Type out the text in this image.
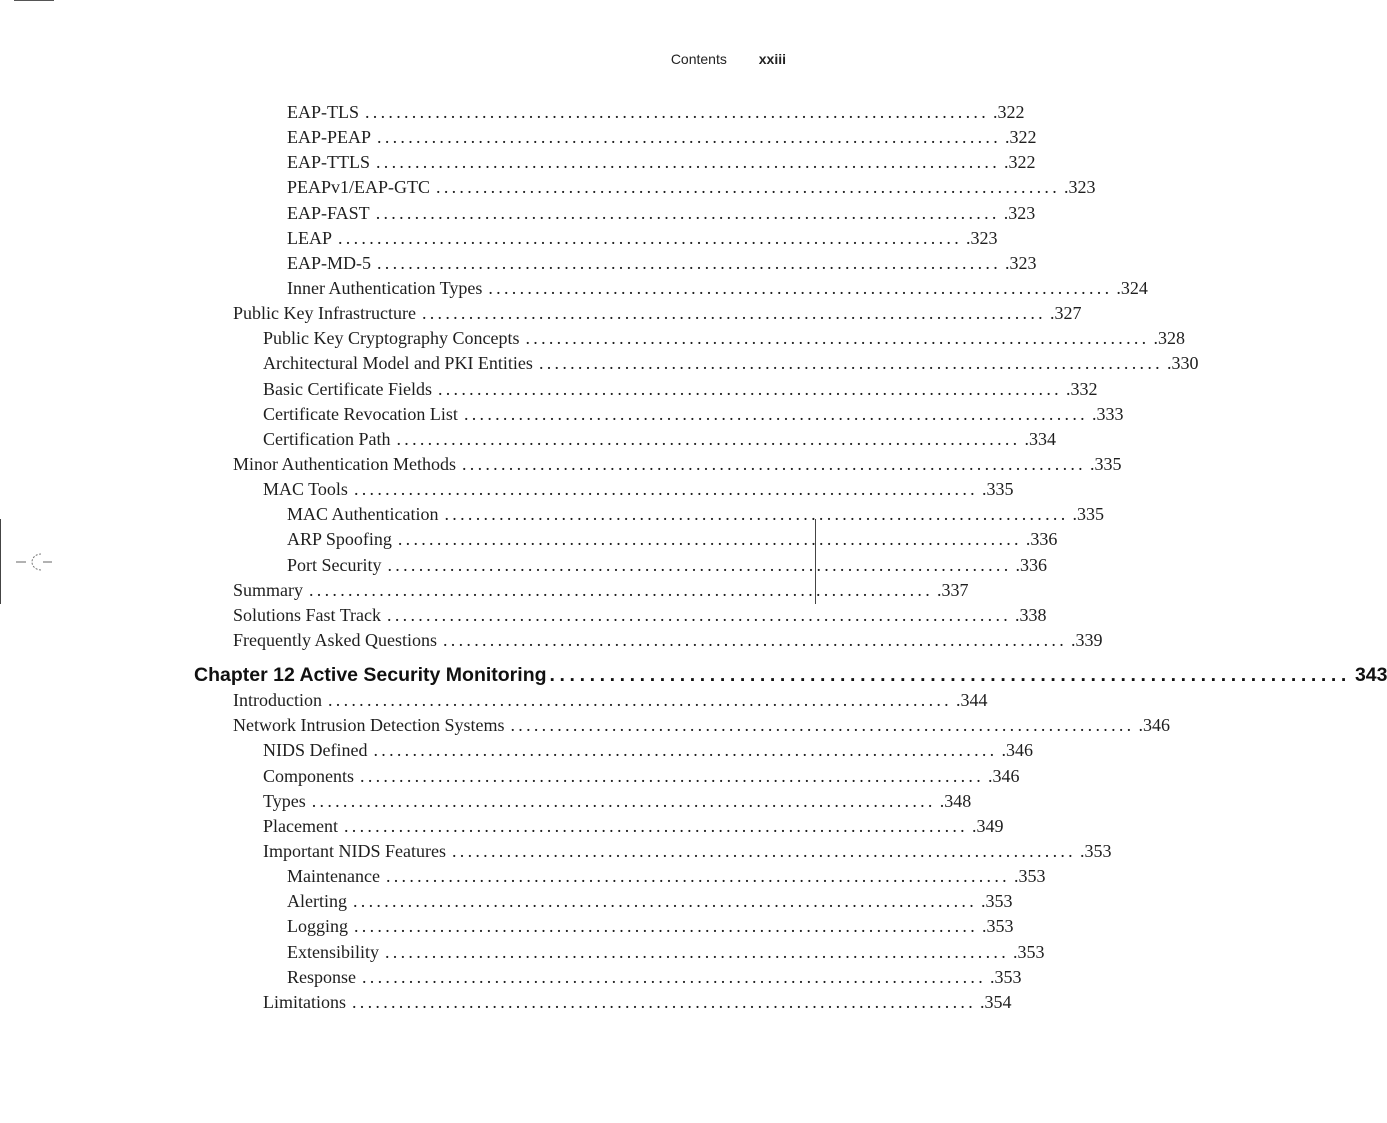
Contents xxiii
EAP-TLS ................................................................................ .322
EAP-PEAP ................................................................................ .322
EAP-TTLS ................................................................................ .322
PEAPv1/EAP-GTC ................................................................................ .323
EAP-FAST ................................................................................ .323
LEAP ................................................................................ .323
EAP-MD-5 ................................................................................ .323
Inner Authentication Types ................................................................................ .324
Public Key Infrastructure ................................................................................ .327
Public Key Cryptography Concepts ................................................................................ .328
Architectural Model and PKI Entities ................................................................................ .330
Basic Certificate Fields ................................................................................ .332
Certificate Revocation List ................................................................................ .333
Certification Path ................................................................................ .334
Minor Authentication Methods ................................................................................ .335
MAC Tools ................................................................................ .335
MAC Authentication ................................................................................ .335
ARP Spoofing ................................................................................ .336
Port Security ................................................................................ .336
Summary ................................................................................ .337
Solutions Fast Track ................................................................................ .338
Frequently Asked Questions ................................................................................ .339
Chapter 12 Active Security Monitoring ................................................................................ 343
Introduction ................................................................................ .344
Network Intrusion Detection Systems ................................................................................ .346
NIDS Defined ................................................................................ .346
Components ................................................................................ .346
Types ................................................................................ .348
Placement ................................................................................ .349
Important NIDS Features ................................................................................ .353
Maintenance ................................................................................ .353
Alerting ................................................................................ .353
Logging ................................................................................ .353
Extensibility ................................................................................ .353
Response ................................................................................ .353
Limitations ................................................................................ .354
